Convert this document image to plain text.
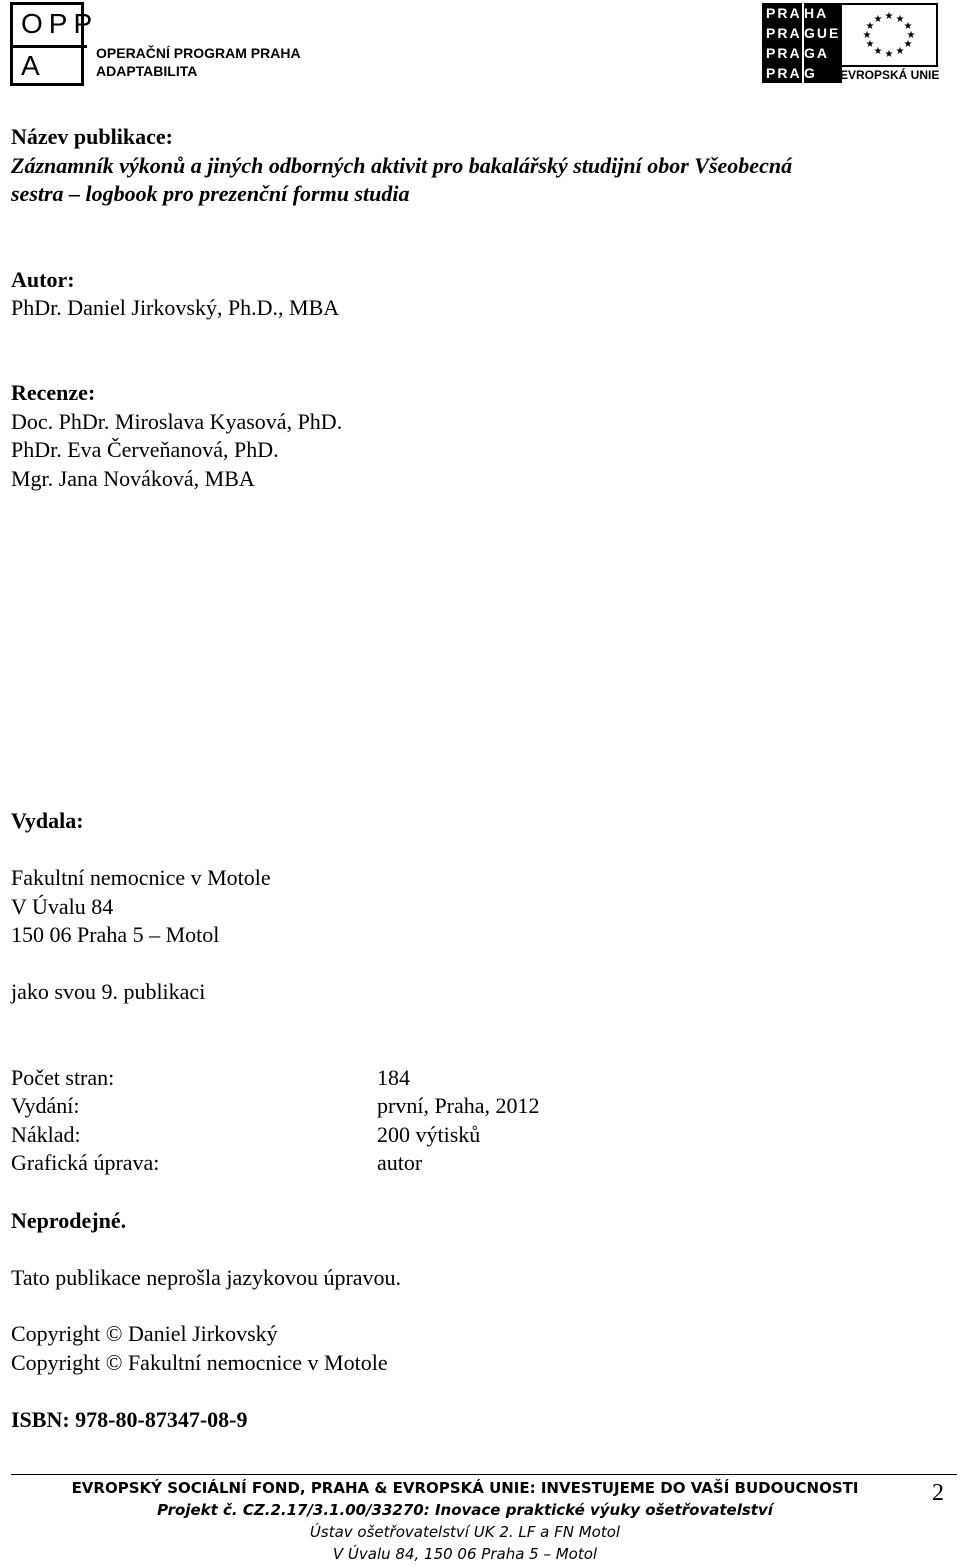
OPP
A	OPERAČNÍ PROGRAM PRAHA
ADAPTABILITA
PRA HA
PRA GUE
PRA GA
PRA G
★ ★
★
★
★
★
★
★
★
★
★
★
EVROPSKÁ UNIE
Název publikace:
Záznamník výkonů a jiných odborných aktivit pro bakalářský studijní obor Všeobecná
sestra – logbook pro prezenční formu studia
Autor:
PhDr. Daniel Jirkovský, Ph.D., MBA
Recenze:
Doc. PhDr. Miroslava Kyasová, PhD.
PhDr. Eva Červeňanová, PhD.
Mgr. Jana Nováková, MBA
Vydala:
Fakultní nemocnice v Motole
V Úvalu 84
150 06 Praha 5 – Motol
jako svou 9. publikaci
Počet stran:	184
Vydání:	první, Praha, 2012
Náklad:	200 výtisků
Grafická úprava:	autor
Neprodejné.
Tato publikace neprošla jazykovou úpravou.
Copyright © Daniel Jirkovský
Copyright © Fakultní nemocnice v Motole
ISBN: 978-80-87347-08-9
EVROPSKÝ SOCIÁLNÍ FOND, PRAHA & EVROPSKÁ UNIE: INVESTUJEME DO VAŠÍ BUDOUCNOSTI
Projekt č. CZ.2.17/3.1.00/33270: Inovace praktické výuky ošetřovatelství
Ústav ošetřovatelství UK 2. LF a FN Motol
V Úvalu 84, 150 06 Praha 5 – Motol
2
